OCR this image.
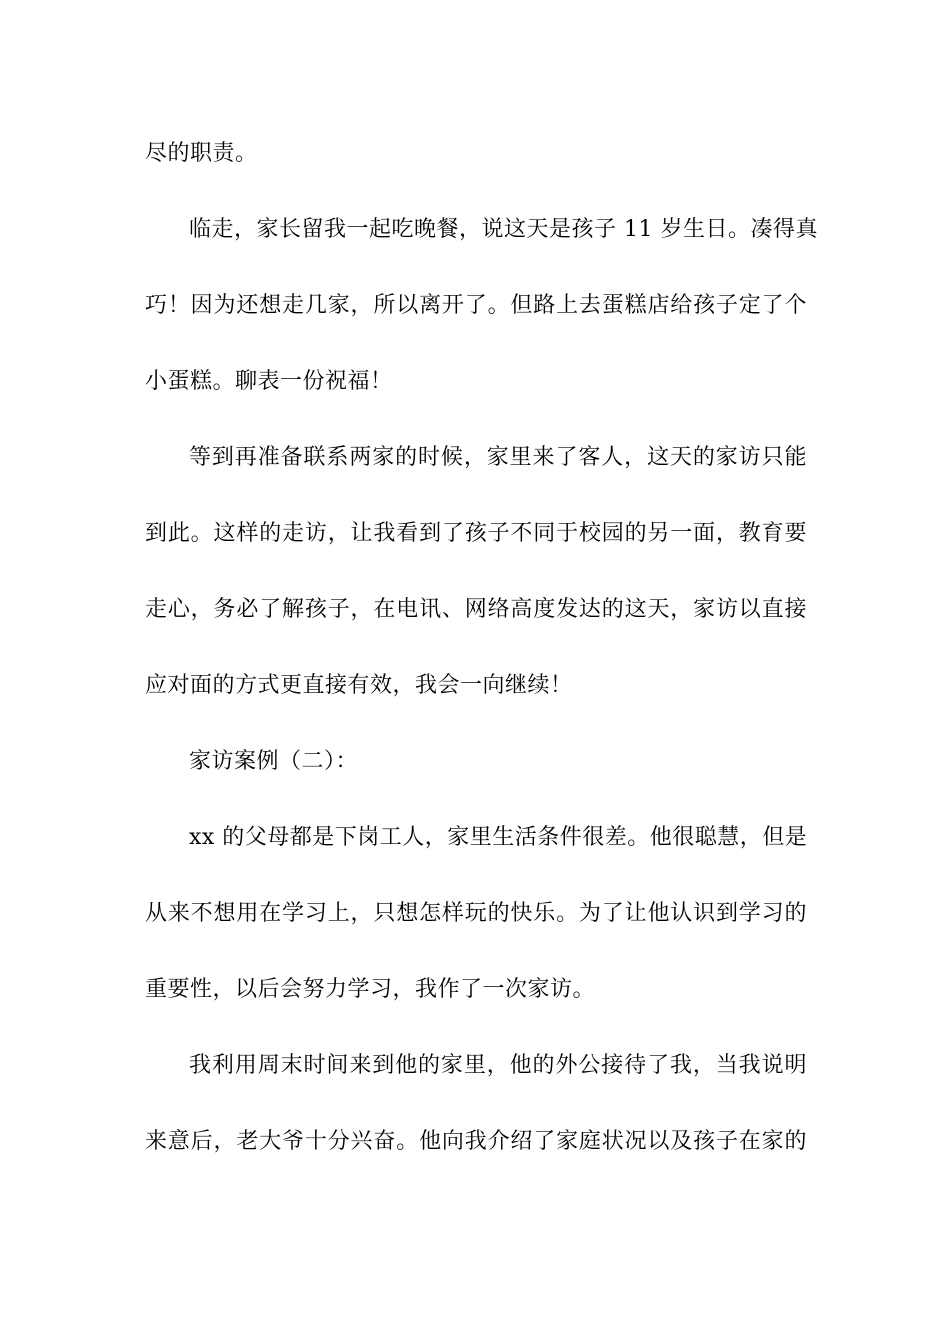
尽的职责。
临走，家长留我一起吃晚餐，说这天是孩子 11 岁生日。凑得真
巧！因为还想走几家，所以离开了。但路上去蛋糕店给孩子定了个
小蛋糕。聊表一份祝福！
等到再准备联系两家的时候，家里来了客人，这天的家访只能
到此。这样的走访，让我看到了孩子不同于校园的另一面，教育要
走心，务必了解孩子，在电讯、网络高度发达的这天，家访以直接
应对面的方式更直接有效，我会一向继续！
家访案例（二）：
xx 的父母都是下岗工人，家里生活条件很差。他很聪慧，但是
从来不想用在学习上，只想怎样玩的快乐。为了让他认识到学习的
重要性，以后会努力学习，我作了一次家访。
我利用周末时间来到他的家里，他的外公接待了我，当我说明
来意后，老大爷十分兴奋。他向我介绍了家庭状况以及孩子在家的
